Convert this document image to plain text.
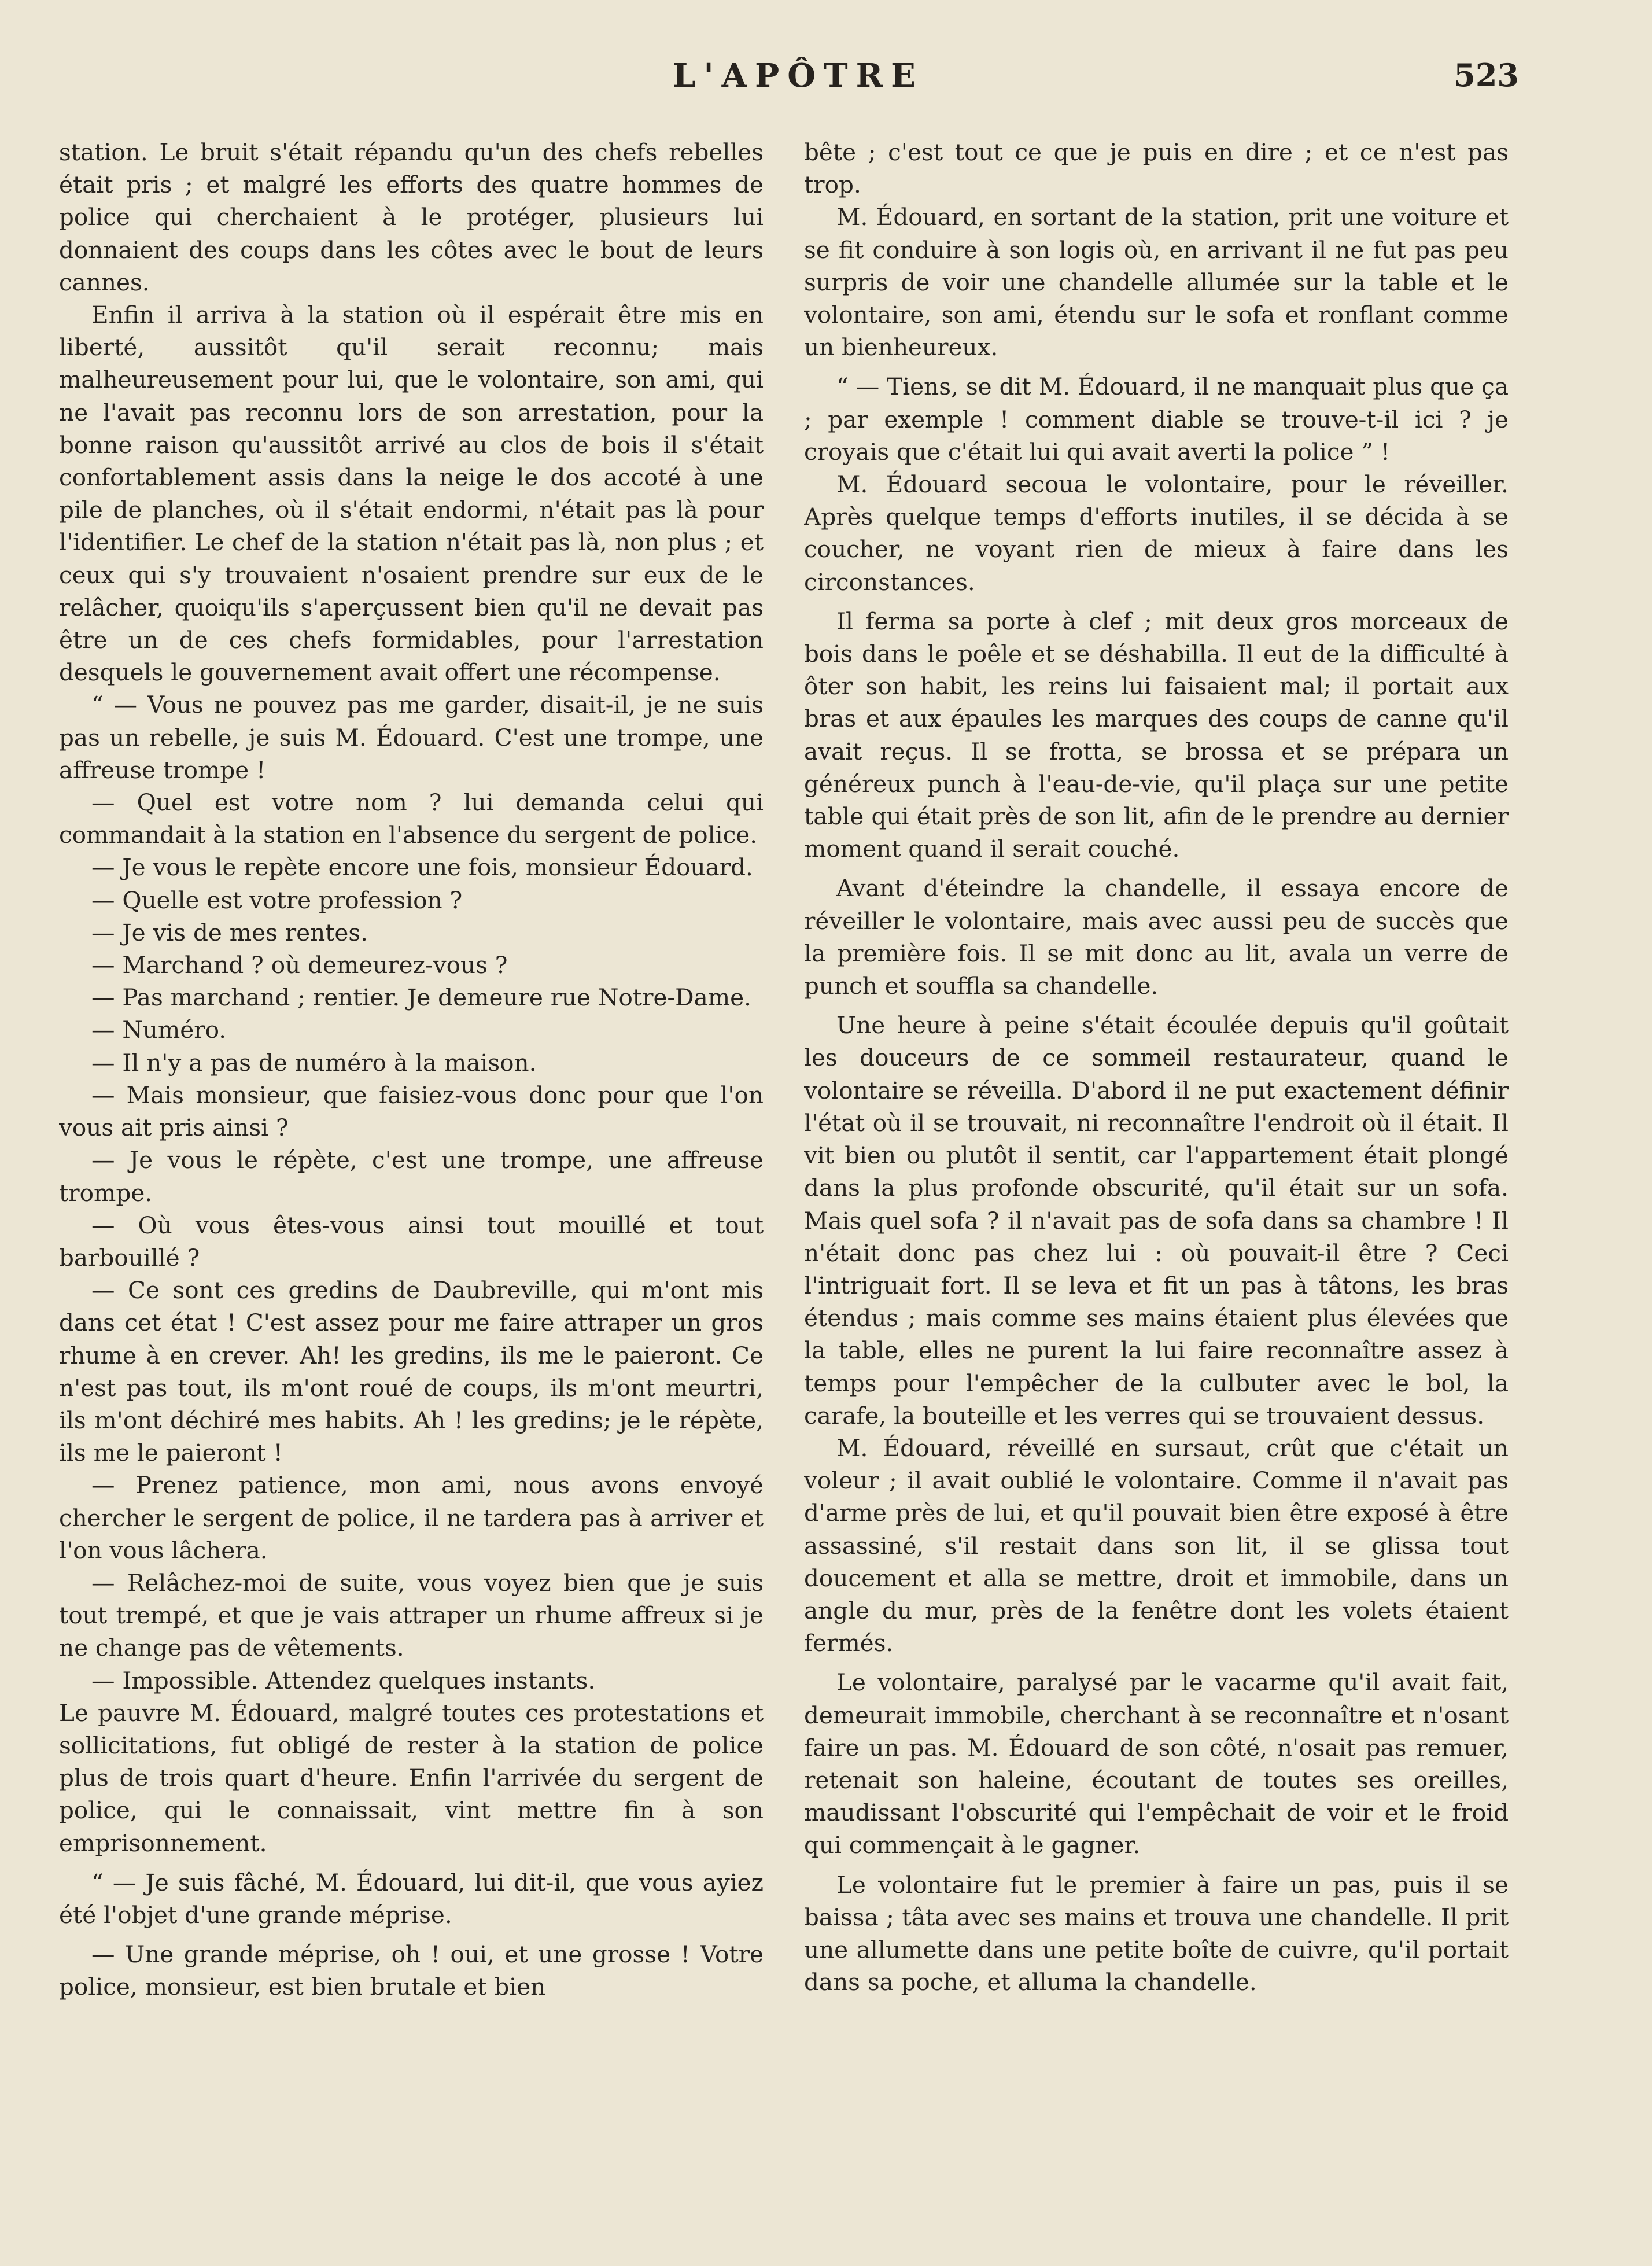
L'APÔTRE	523

station. Le bruit s'était répandu qu'un des chefs rebelles était pris ; et malgré les efforts des quatre hommes de police qui cherchaient à le protéger, plusieurs lui donnaient des coups dans les côtes avec le bout de leurs cannes.

Enfin il arriva à la station où il espérait être mis en liberté, aussitôt qu'il serait reconnu; mais malheureusement pour lui, que le volontaire, son ami, qui ne l'avait pas reconnu lors de son arrestation, pour la bonne raison qu'aussitôt arrivé au clos de bois il s'était confortablement assis dans la neige le dos accoté à une pile de planches, où il s'était endormi, n'était pas là pour l'identifier. Le chef de la station n'était pas là, non plus ; et ceux qui s'y trouvaient n'osaient prendre sur eux de le relâcher, quoiqu'ils s'aperçussent bien qu'il ne devait pas être un de ces chefs formidables, pour l'arrestation desquels le gouvernement avait offert une récompense.

“ — Vous ne pouvez pas me garder, disait-il, je ne suis pas un rebelle, je suis M. Édouard. C'est une trompe, une affreuse trompe !

— Quel est votre nom ? lui demanda celui qui commandait à la station en l'absence du sergent de police.

— Je vous le repète encore une fois, monsieur Édouard.

— Quelle est votre profession ?

— Je vis de mes rentes.

— Marchand ? où demeurez-vous ?

— Pas marchand ; rentier. Je demeure rue Notre-Dame.

— Numéro.

— Il n'y a pas de numéro à la maison.

— Mais monsieur, que faisiez-vous donc pour que l'on vous ait pris ainsi ?

— Je vous le répète, c'est une trompe, une affreuse trompe.

— Où vous êtes-vous ainsi tout mouillé et tout barbouillé ?

— Ce sont ces gredins de Daubreville, qui m'ont mis dans cet état ! C'est assez pour me faire attraper un gros rhume à en crever. Ah! les gredins, ils me le paieront. Ce n'est pas tout, ils m'ont roué de coups, ils m'ont meurtri, ils m'ont déchiré mes habits. Ah ! les gredins; je le répète, ils me le paieront !

— Prenez patience, mon ami, nous avons envoyé chercher le sergent de police, il ne tardera pas à arriver et l'on vous lâchera.

— Relâchez-moi de suite, vous voyez bien que je suis tout trempé, et que je vais attraper un rhume affreux si je ne change pas de vêtements.

— Impossible. Attendez quelques instants.

Le pauvre M. Édouard, malgré toutes ces protestations et sollicitations, fut obligé de rester à la station de police plus de trois quart d'heure. Enfin l'arrivée du sergent de police, qui le connaissait, vint mettre fin à son emprisonnement.

“ — Je suis fâché, M. Édouard, lui dit-il, que vous ayiez été l'objet d'une grande méprise.

— Une grande méprise, oh ! oui, et une grosse ! Votre police, monsieur, est bien brutale et bien

bête ; c'est tout ce que je puis en dire ; et ce n'est pas trop.

M. Édouard, en sortant de la station, prit une voiture et se fit conduire à son logis où, en arrivant il ne fut pas peu surpris de voir une chandelle allumée sur la table et le volontaire, son ami, étendu sur le sofa et ronflant comme un bienheureux.

“ — Tiens, se dit M. Édouard, il ne manquait plus que ça ; par exemple ! comment diable se trouve-t-il ici ? je croyais que c'était lui qui avait averti la police ” !

M. Édouard secoua le volontaire, pour le réveiller. Après quelque temps d'efforts inutiles, il se décida à se coucher, ne voyant rien de mieux à faire dans les circonstances.

Il ferma sa porte à clef ; mit deux gros morceaux de bois dans le poêle et se déshabilla. Il eut de la difficulté à ôter son habit, les reins lui faisaient mal; il portait aux bras et aux épaules les marques des coups de canne qu'il avait reçus. Il se frotta, se brossa et se prépara un généreux punch à l'eau-de-vie, qu'il plaça sur une petite table qui était près de son lit, afin de le prendre au dernier moment quand il serait couché.

Avant d'éteindre la chandelle, il essaya encore de réveiller le volontaire, mais avec aussi peu de succès que la première fois. Il se mit donc au lit, avala un verre de punch et souffla sa chandelle.

Une heure à peine s'était écoulée depuis qu'il goûtait les douceurs de ce sommeil restaurateur, quand le volontaire se réveilla. D'abord il ne put exactement définir l'état où il se trouvait, ni reconnaître l'endroit où il était. Il vit bien ou plutôt il sentit, car l'appartement était plongé dans la plus profonde obscurité, qu'il était sur un sofa. Mais quel sofa ? il n'avait pas de sofa dans sa chambre ! Il n'était donc pas chez lui : où pouvait-il être ? Ceci l'intriguait fort. Il se leva et fit un pas à tâtons, les bras étendus ; mais comme ses mains étaient plus élevées que la table, elles ne purent la lui faire reconnaître assez à temps pour l'empêcher de la culbuter avec le bol, la carafe, la bouteille et les verres qui se trouvaient dessus.

M. Édouard, réveillé en sursaut, crût que c'était un voleur ; il avait oublié le volontaire. Comme il n'avait pas d'arme près de lui, et qu'il pouvait bien être exposé à être assassiné, s'il restait dans son lit, il se glissa tout doucement et alla se mettre, droit et immobile, dans un angle du mur, près de la fenêtre dont les volets étaient fermés.

Le volontaire, paralysé par le vacarme qu'il avait fait, demeurait immobile, cherchant à se reconnaître et n'osant faire un pas. M. Édouard de son côté, n'osait pas remuer, retenait son haleine, écoutant de toutes ses oreilles, maudissant l'obscurité qui l'empêchait de voir et le froid qui commençait à le gagner.

Le volontaire fut le premier à faire un pas, puis il se baissa ; tâta avec ses mains et trouva une chandelle. Il prit une allumette dans une petite boîte de cuivre, qu'il portait dans sa poche, et alluma la chandelle.
